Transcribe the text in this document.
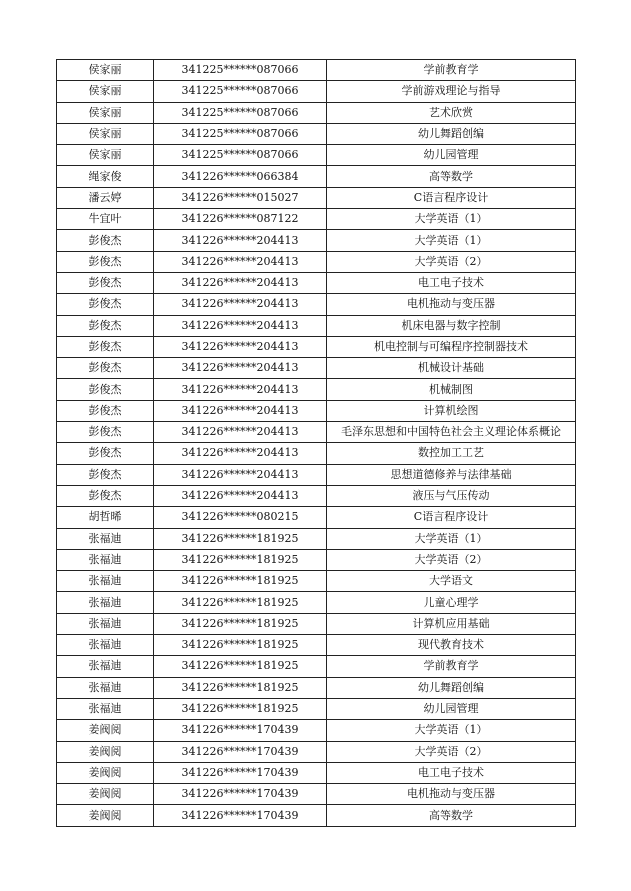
侯家丽	341225******087066	学前教育学
侯家丽	341225******087066	学前游戏理论与指导
侯家丽	341225******087066	艺术欣赏
侯家丽	341225******087066	幼儿舞蹈创编
侯家丽	341225******087066	幼儿园管理
绳家俊	341226******066384	高等数学
潘云婷	341226******015027	C语言程序设计
牛宜叶	341226******087122	大学英语（1）
彭俊杰	341226******204413	大学英语（1）
彭俊杰	341226******204413	大学英语（2）
彭俊杰	341226******204413	电工电子技术
彭俊杰	341226******204413	电机拖动与变压器
彭俊杰	341226******204413	机床电器与数字控制
彭俊杰	341226******204413	机电控制与可编程序控制器技术
彭俊杰	341226******204413	机械设计基础
彭俊杰	341226******204413	机械制图
彭俊杰	341226******204413	计算机绘图
彭俊杰	341226******204413	毛泽东思想和中国特色社会主义理论体系概论
彭俊杰	341226******204413	数控加工工艺
彭俊杰	341226******204413	思想道德修养与法律基础
彭俊杰	341226******204413	液压与气压传动
胡哲晞	341226******080215	C语言程序设计
张福迪	341226******181925	大学英语（1）
张福迪	341226******181925	大学英语（2）
张福迪	341226******181925	大学语文
张福迪	341226******181925	儿童心理学
张福迪	341226******181925	计算机应用基础
张福迪	341226******181925	现代教育技术
张福迪	341226******181925	学前教育学
张福迪	341226******181925	幼儿舞蹈创编
张福迪	341226******181925	幼儿园管理
姜阀阅	341226******170439	大学英语（1）
姜阀阅	341226******170439	大学英语（2）
姜阀阅	341226******170439	电工电子技术
姜阀阅	341226******170439	电机拖动与变压器
姜阀阅	341226******170439	高等数学
